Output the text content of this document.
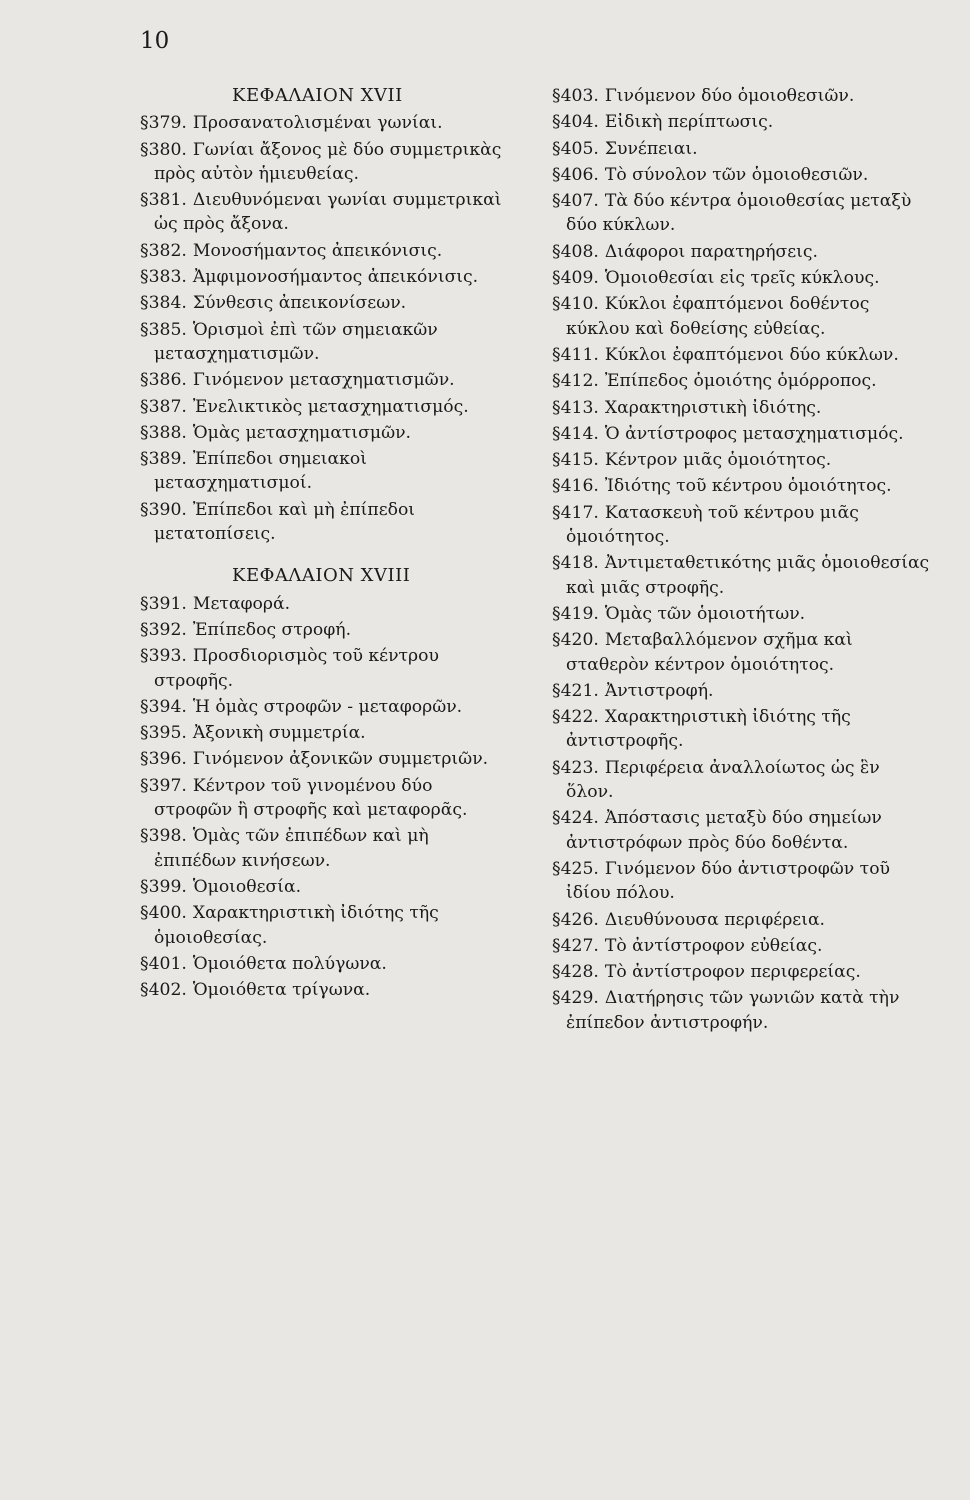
10
ΚΕΦΑΛΑΙΟΝ XVII
§379. Προσανατολισμέναι γωνίαι.
§380. Γωνίαι ἄξονος μὲ δύο συμμετρικὰς πρὸς αὐτὸν ἡμιευθείας.
§381. Διευθυνόμεναι γωνίαι συμμετρικαὶ ὡς πρὸς ἄξονα.
§382. Μονοσήμαντος ἀπεικόνισις.
§383. Ἀμφιμονοσήμαντος ἀπεικόνισις.
§384. Σύνθεσις ἀπεικονίσεων.
§385. Ὁρισμοὶ ἐπὶ τῶν σημειακῶν μετασχηματισμῶν.
§386. Γινόμενον μετασχηματισμῶν.
§387. Ἐνελικτικὸς μετασχηματισμός.
§388. Ὁμὰς μετασχηματισμῶν.
§389. Ἐπίπεδοι σημειακοὶ μετασχηματισμοί.
§390. Ἐπίπεδοι καὶ μὴ ἐπίπεδοι μετατοπίσεις.
ΚΕΦΑΛΑΙΟΝ XVIII
§391. Μεταφορά.
§392. Ἐπίπεδος στροφή.
§393. Προσδιορισμὸς τοῦ κέντρου στροφῆς.
§394. Ἡ ὁμὰς στροφῶν - μεταφορῶν.
§395. Ἀξονικὴ συμμετρία.
§396. Γινόμενον ἀξονικῶν συμμετριῶν.
§397. Κέντρον τοῦ γινομένου δύο στροφῶν ἢ στροφῆς καὶ μεταφορᾶς.
§398. Ὁμὰς τῶν ἐπιπέδων καὶ μὴ ἐπιπέδων κινήσεων.
§399. Ὁμοιοθεσία.
§400. Χαρακτηριστικὴ ἰδιότης τῆς ὁμοιοθεσίας.
§401. Ὁμοιόθετα πολύγωνα.
§402. Ὁμοιόθετα τρίγωνα.
§403. Γινόμενον δύο ὁμοιοθεσιῶν.
§404. Εἰδικὴ περίπτωσις.
§405. Συνέπειαι.
§406. Τὸ σύνολον τῶν ὁμοιοθεσιῶν.
§407. Τὰ δύο κέντρα ὁμοιοθεσίας μεταξὺ δύο κύκλων.
§408. Διάφοροι παρατηρήσεις.
§409. Ὁμοιοθεσίαι εἰς τρεῖς κύκλους.
§410. Κύκλοι ἐφαπτόμενοι δοθέντος κύκλου καὶ δοθείσης εὐθείας.
§411. Κύκλοι ἐφαπτόμενοι δύο κύκλων.
§412. Ἐπίπεδος ὁμοιότης ὁμόρροπος.
§413. Χαρακτηριστικὴ ἰδιότης.
§414. Ὁ ἀντίστροφος μετασχηματισμός.
§415. Κέντρον μιᾶς ὁμοιότητος.
§416. Ἰδιότης τοῦ κέντρου ὁμοιότητος.
§417. Κατασκευὴ τοῦ κέντρου μιᾶς ὁμοιότητος.
§418. Ἀντιμεταθετικότης μιᾶς ὁμοιοθεσίας καὶ μιᾶς στροφῆς.
§419. Ὁμὰς τῶν ὁμοιοτήτων.
§420. Μεταβαλλόμενον σχῆμα καὶ σταθερὸν κέντρον ὁμοιότητος.
§421. Ἀντιστροφή.
§422. Χαρακτηριστικὴ ἰδιότης τῆς ἀντιστροφῆς.
§423. Περιφέρεια ἀναλλοίωτος ὡς ἓν ὅλον.
§424. Ἀπόστασις μεταξὺ δύο σημείων ἀντιστρόφων πρὸς δύο δοθέντα.
§425. Γινόμενον δύο ἀντιστροφῶν τοῦ ἰδίου πόλου.
§426. Διευθύνουσα περιφέρεια.
§427. Τὸ ἀντίστροφον εὐθείας.
§428. Τὸ ἀντίστροφον περιφερείας.
§429. Διατήρησις τῶν γωνιῶν κατὰ τὴν ἐπίπεδον ἀντιστροφήν.
